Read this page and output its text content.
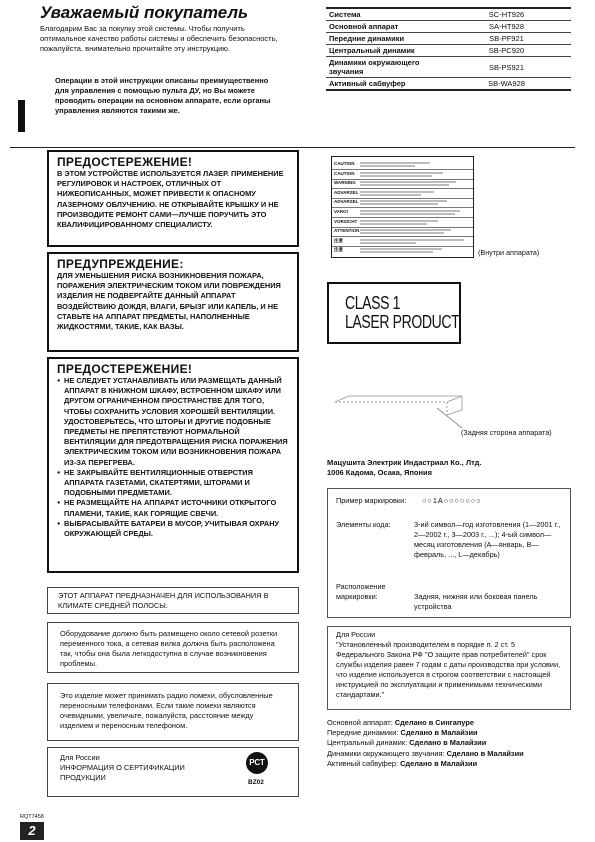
Уважаемый покупатель
Благодарим Вас за покупку этой системы. Чтобы получить оптимальное качество работы системы и обеспечить безопасность, пожалуйста, внимательно прочитайте эту инструкцию.
Операции в этой инструкции описаны преимущественно для управления с помощью пульта ДУ, но Вы можете проводить операции на основном аппарате, если органы управления являются такими же.
Система	SC-HT926
Основной аппарат	SA-HT928
Передние динамики	SB-PF921
Центральный динамик	SB-PC920
Динамики окружающего звучания	SB-PS921
Активный сабвуфер	SB-WA928
ПРЕДОСТЕРЕЖЕНИЕ!
В ЭТОМ УСТРОЙСТВЕ ИСПОЛЬЗУЕТСЯ ЛАЗЕР. ПРИМЕНЕНИЕ РЕГУЛИРОВОК И НАСТРОЕК, ОТЛИЧНЫХ ОТ НИЖЕОПИСАННЫХ, МОЖЕТ ПРИВЕСТИ К ОПАСНОМУ ЛАЗЕРНОМУ ОБЛУЧЕНИЮ. НЕ ОТКРЫВАЙТЕ КРЫШКУ И НЕ ПРОИЗВОДИТЕ РЕМОНТ САМИ—ЛУЧШЕ ПОРУЧИТЬ ЭТО КВАЛИФИЦИРОВАННОМУ СПЕЦИАЛИСТУ.
ПРЕДУПРЕЖДЕНИЕ:
ДЛЯ УМЕНЬШЕНИЯ РИСКА ВОЗНИКНОВЕНИЯ ПОЖАРА, ПОРАЖЕНИЯ ЭЛЕКТРИЧЕСКИМ ТОКОМ ИЛИ ПОВРЕЖДЕНИЯ ИЗДЕЛИЯ НЕ ПОДВЕРГАЙТЕ ДАННЫЙ АППАРАТ ВОЗДЕЙСТВИЮ ДОЖДЯ, ВЛАГИ, БРЫЗГ ИЛИ КАПЕЛЬ, И НЕ СТАВЬТЕ НА АППАРАТ ПРЕДМЕТЫ, НАПОЛНЕННЫЕ ЖИДКОСТЯМИ, ТАКИЕ, КАК ВАЗЫ.
ПРЕДОСТЕРЕЖЕНИЕ!
● НЕ СЛЕДУЕТ УСТАНАВЛИВАТЬ ИЛИ РАЗМЕЩАТЬ ДАННЫЙ АППАРАТ В КНИЖНОМ ШКАФУ, ВСТРОЕННОМ ШКАФУ ИЛИ ДРУГОМ ОГРАНИЧЕННОМ ПРОСТРАНСТВЕ ДЛЯ ТОГО, ЧТОБЫ СОХРАНИТЬ УСЛОВИЯ ХОРОШЕЙ ВЕНТИЛЯЦИИ. УДОСТОВЕРЬТЕСЬ, ЧТО ШТОРЫ И ДРУГИЕ ПОДОБНЫЕ ПРЕДМЕТЫ НЕ ПРЕПЯТСТВУЮТ НОРМАЛЬНОЙ ВЕНТИЛЯЦИИ ДЛЯ ПРЕДОТВРАЩЕНИЯ РИСКА ПОРАЖЕНИЯ ЭЛЕКТРИЧЕСКИМ ТОКОМ ИЛИ ВОЗНИКНОВЕНИЯ ПОЖАРА ИЗ-ЗА ПЕРЕГРЕВА.
● НЕ ЗАКРЫВАЙТЕ ВЕНТИЛЯЦИОННЫЕ ОТВЕРСТИЯ АППАРАТА ГАЗЕТАМИ, СКАТЕРТЯМИ, ШТОРАМИ И ПОДОБНЫМИ ПРЕДМЕТАМИ.
● НЕ РАЗМЕЩАЙТЕ НА АППАРАТ ИСТОЧНИКИ ОТКРЫТОГО ПЛАМЕНИ, ТАКИЕ, КАК ГОРЯЩИЕ СВЕЧИ.
● ВЫБРАСЫВАЙТЕ БАТАРЕИ В МУСОР, УЧИТЫВАЯ ОХРАНУ ОКРУЖАЮЩЕЙ СРЕДЫ.
ЭТОТ АППАРАТ ПРЕДНАЗНАЧЕН ДЛЯ ИСПОЛЬЗОВАНИЯ В КЛИМАТЕ СРЕДНЕЙ ПОЛОСЫ.
Оборудование должно быть размещено около сетевой розетки переменного тока, а сетевая вилка должна быть расположена так, чтобы она была легкодоступна в случае возникновения проблемы.
Это изделие может принимать радио помехи, обусловленные переносными телефонами. Если такие помехи являются очевидными, увеличьте, пожалуйста, расстояние между изделием и переносным телефоном.
Для России
ИНФОРМАЦИЯ О СЕРТИФИКАЦИИ ПРОДУКЦИИ
РСТ
BZ02
CAUTION
CAUTION
WARNING
ADVARSEL
ADVARSEL
VARO!
VORSICHT
ATTENTION
注意
注意	(Внутри аппарата)
CLASS 1
LASER PRODUCT
(Задняя сторона аппарата)
Мацушита Электрик Индастриал Ко., Лтд.
1006 Кадома, Осака, Япония
Пример маркировки: ○○1A○○○○○○○
Элементы кода:	3-ий символ—год изготовления (1—2001 г., 2—2002 г., 3—2003 г., ...); 4-ый символ—месяц изготовления (А—январь, В—февраль, ..., L—декабрь)
Расположение маркировки:	Задняя, нижняя или боковая панель устройства
Для России
"Установленный производителем в порядке п. 2 ст. 5 Федерального Закона РФ "О защите прав потребителей" срок службы изделия равен 7 годам с даты производства при условии, что изделие используется в строгом соответствии с настоящей инструкцией по эксплуатации и применимыми техническими стандартами."
Основной аппарат: Сделано в Сингапуре
Передние динамики: Сделано в Малайзии
Центральный динамик: Сделано в Малайзии
Динамики окружающего звучания: Сделано в Малайзии
Активный сабвуфер: Сделано в Малайзии
RQT7458
2
